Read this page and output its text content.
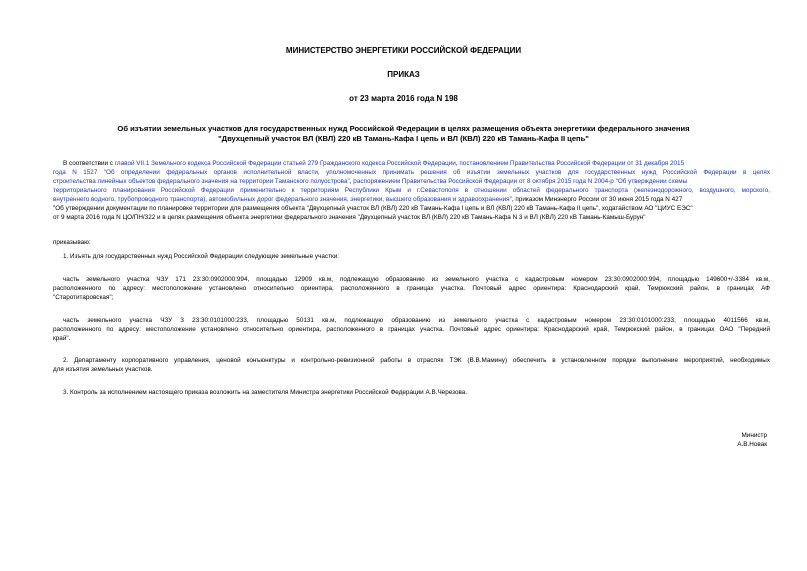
МИНИСТЕРСТВО ЭНЕРГЕТИКИ РОССИЙСКОЙ ФЕДЕРАЦИИ
ПРИКАЗ
от 23 марта 2016 года N 198
Об изъятии земельных участков для государственных нужд Российской Федерации в целях размещения объекта энергетики федерального значения
"Двухцепный участок ВЛ (КВЛ) 220 кВ Тамань-Кафа I цепь и ВЛ (КВЛ) 220 кВ Тамань-Кафа II цепь"
В соответствии с главой VII.1 Земельного кодекса Российской Федерации статьей 279 Гражданского кодекса Российской Федерации, постановлением Правительства Российской Федерации от 31 декабря 2015
года N 1527 "Об определении федеральных органов исполнительной власти, уполномоченных принимать решения об изъятии земельных участков для государственных нужд Российской Федерации в целях
строительства линейных объектов федерального значения на территории Таманского полуострова", распоряжением Правительства Российской Федерации от 8 октября 2015 года N 2004-р "Об утверждении схемы
территориального планирования Российской Федерации применительно к территориям Республики Крым и г.Севастополя в отношении областей федерального транспорта (железнодорожного, воздушного, морского,
внутреннего водного, трубопроводного транспорта), автомобильных дорог федерального значения, энергетики, высшего образования и здравоохранения", приказом Минэнерго России от 30 июня 2015 года N 427
"Об утверждении документации по планировке территории для размещения объекта "Двухцепный участок ВЛ (КВЛ) 220 кВ Тамань-Кафа I цепь и ВЛ (КВЛ) 220 кВ Тамань-Кафа II цепь", ходатайством АО "ЦИУС ЕЭС"
от 9 марта 2016 года N ЦО/ПН/322 и в целях размещения объекта энергетики федерального значения "Двухцепный участок ВЛ (КВЛ) 220 кВ Тамань-Кафа N 3 и ВЛ (КВЛ) 220 кВ Тамань-Камыш-Бурун"
приказываю:
1. Изъять для государственных нужд Российской Федерации следующие земельные участки:
часть земельного участка ЧЗУ 171 23:30:0902000:994, площадью 12909 кв.м, подлежащую образованию из земельного участка с кадастровым номером 23:30:0902000:994, площадью 149600+/-3384 кв.м,
расположенного по адресу: местоположение установлено относительно ориентира, расположенного в границах участка. Почтовый адрес ориентира: Краснодарский край, Темрюкский район, в границах АФ
"Старотитаровская";
часть земельного участка ЧЗУ 3 23:30:0101000:233, площадью 50131 кв.м, подлежащую образованию из земельного участка с кадастровым номером 23:30:0101000:233, площадью 4011566 кв.м,
расположенного по адресу: местоположение установлено относительно ориентира, расположенного в границах участка. Почтовый адрес ориентира: Краснодарский край, Темрюкский район, в границах ОАО "Передний
край".
2. Департаменту корпоративного управления, ценовой конъюнктуры и контрольно-ревизионной работы в отраслях ТЭК (В.В.Мамину) обеспечить в установленном порядке выполнение мероприятий, необходимых
для изъятия земельных участков.
3. Контроль за исполнением настоящего приказа возложить на заместителя Министра энергетики Российской Федерации А.В.Черезова.
Министр
А.В.Новак
